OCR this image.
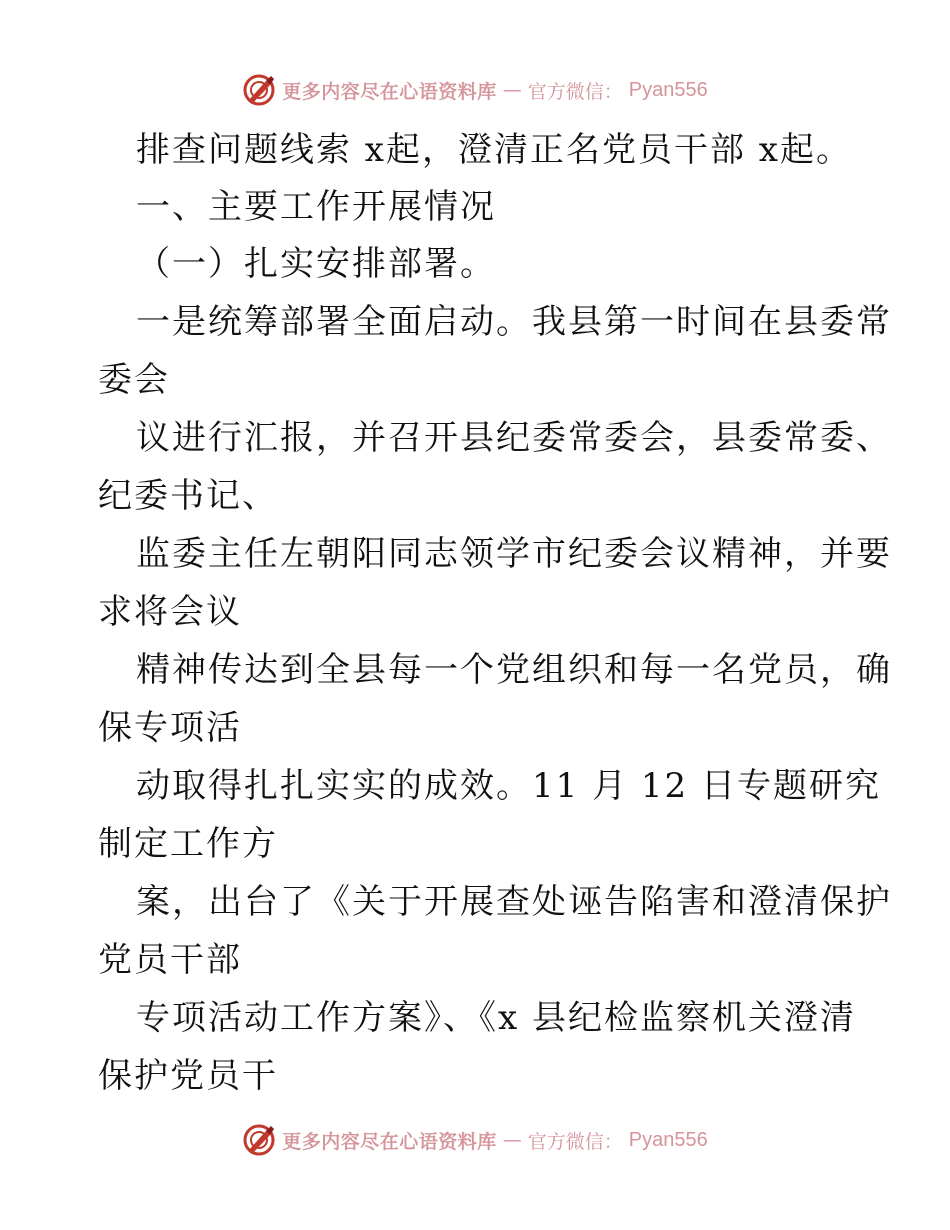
更多内容尽在心语资料库 — 官方微信： Pyan556
排查问题线索 x起，澄清正名党员干部 x起。
一、主要工作开展情况
（一）扎实安排部署。
一是统筹部署全面启动。我县第一时间在县委常
委会
议进行汇报，并召开县纪委常委会，县委常委、
纪委书记、
监委主任左朝阳同志领学市纪委会议精神，并要
求将会议
精神传达到全县每一个党组织和每一名党员，确
保专项活
动取得扎扎实实的成效。11 月 12 日专题研究
制定工作方
案，出台了《关于开展查处诬告陷害和澄清保护
党员干部
专项活动工作方案》、《x 县纪检监察机关澄清
保护党员干
更多内容尽在心语资料库 — 官方微信： Pyan556
